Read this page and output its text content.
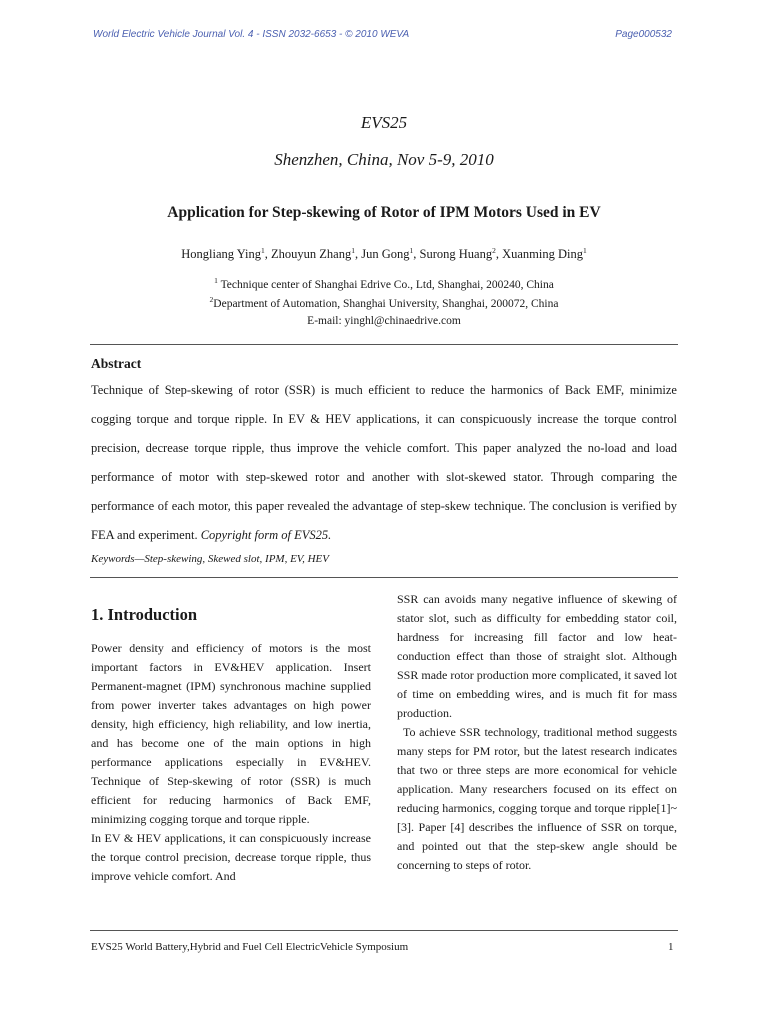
World Electric Vehicle Journal Vol. 4 - ISSN 2032-6653 - © 2010 WEVA	Page000532
EVS25
Shenzhen, China, Nov 5-9, 2010
Application for Step-skewing of Rotor of IPM Motors Used in EV
Hongliang Ying$^1$, Zhouyun Zhang$^1$, Jun Gong$^1$, Surong Huang$^2$, Xuanming Ding$^1$
$^1$ Technique center of Shanghai Edrive Co., Ltd, Shanghai, 200240, China
$^2$Department of Automation, Shanghai University, Shanghai, 200072, China
E-mail: yinghl@chinaedrive.com
Abstract
Technique of Step-skewing of rotor (SSR) is much efficient to reduce the harmonics of Back EMF, minimize cogging torque and torque ripple. In EV & HEV applications, it can conspicuously increase the torque control precision, decrease torque ripple, thus improve the vehicle comfort. This paper analyzed the no-load and load performance of motor with step-skewed rotor and another with slot-skewed stator. Through comparing the performance of each motor, this paper revealed the advantage of step-skew technique. The conclusion is verified by FEA and experiment. Copyright form of EVS25.
Keywords—Step-skewing, Skewed slot, IPM, EV, HEV
1. Introduction

Power density and efficiency of motors is the most important factors in EV&HEV application. Insert Permanent-magnet (IPM) synchronous machine supplied from power inverter takes advantages on high power density, high efficiency, high reliability, and low inertia, and has become one of the main options in high performance applications especially in EV&HEV. Technique of Step-skewing of rotor (SSR) is much efficient for reducing harmonics of Back EMF, minimizing cogging torque and torque ripple.

In EV & HEV applications, it can conspicuously increase the torque control precision, decrease torque ripple, thus improve vehicle comfort. And

SSR can avoids many negative influence of skewing of stator slot, such as difficulty for embedding stator coil, hardness for increasing fill factor and low heat-conduction effect than those of straight slot. Although SSR made rotor production more complicated, it saved lot of time on embedding wires, and is much fit for mass production.

To achieve SSR technology, traditional method suggests many steps for PM rotor, but the latest research indicates that two or three steps are more economical for vehicle application. Many researchers focused on its effect on reducing harmonics, cogging torque and torque ripple[1]~[3]. Paper [4] describes the influence of SSR on torque, and pointed out that the step-skew angle should be concerning to steps of rotor.

EVS25 World Battery,Hybrid and Fuel Cell ElectricVehicle Symposium	1
